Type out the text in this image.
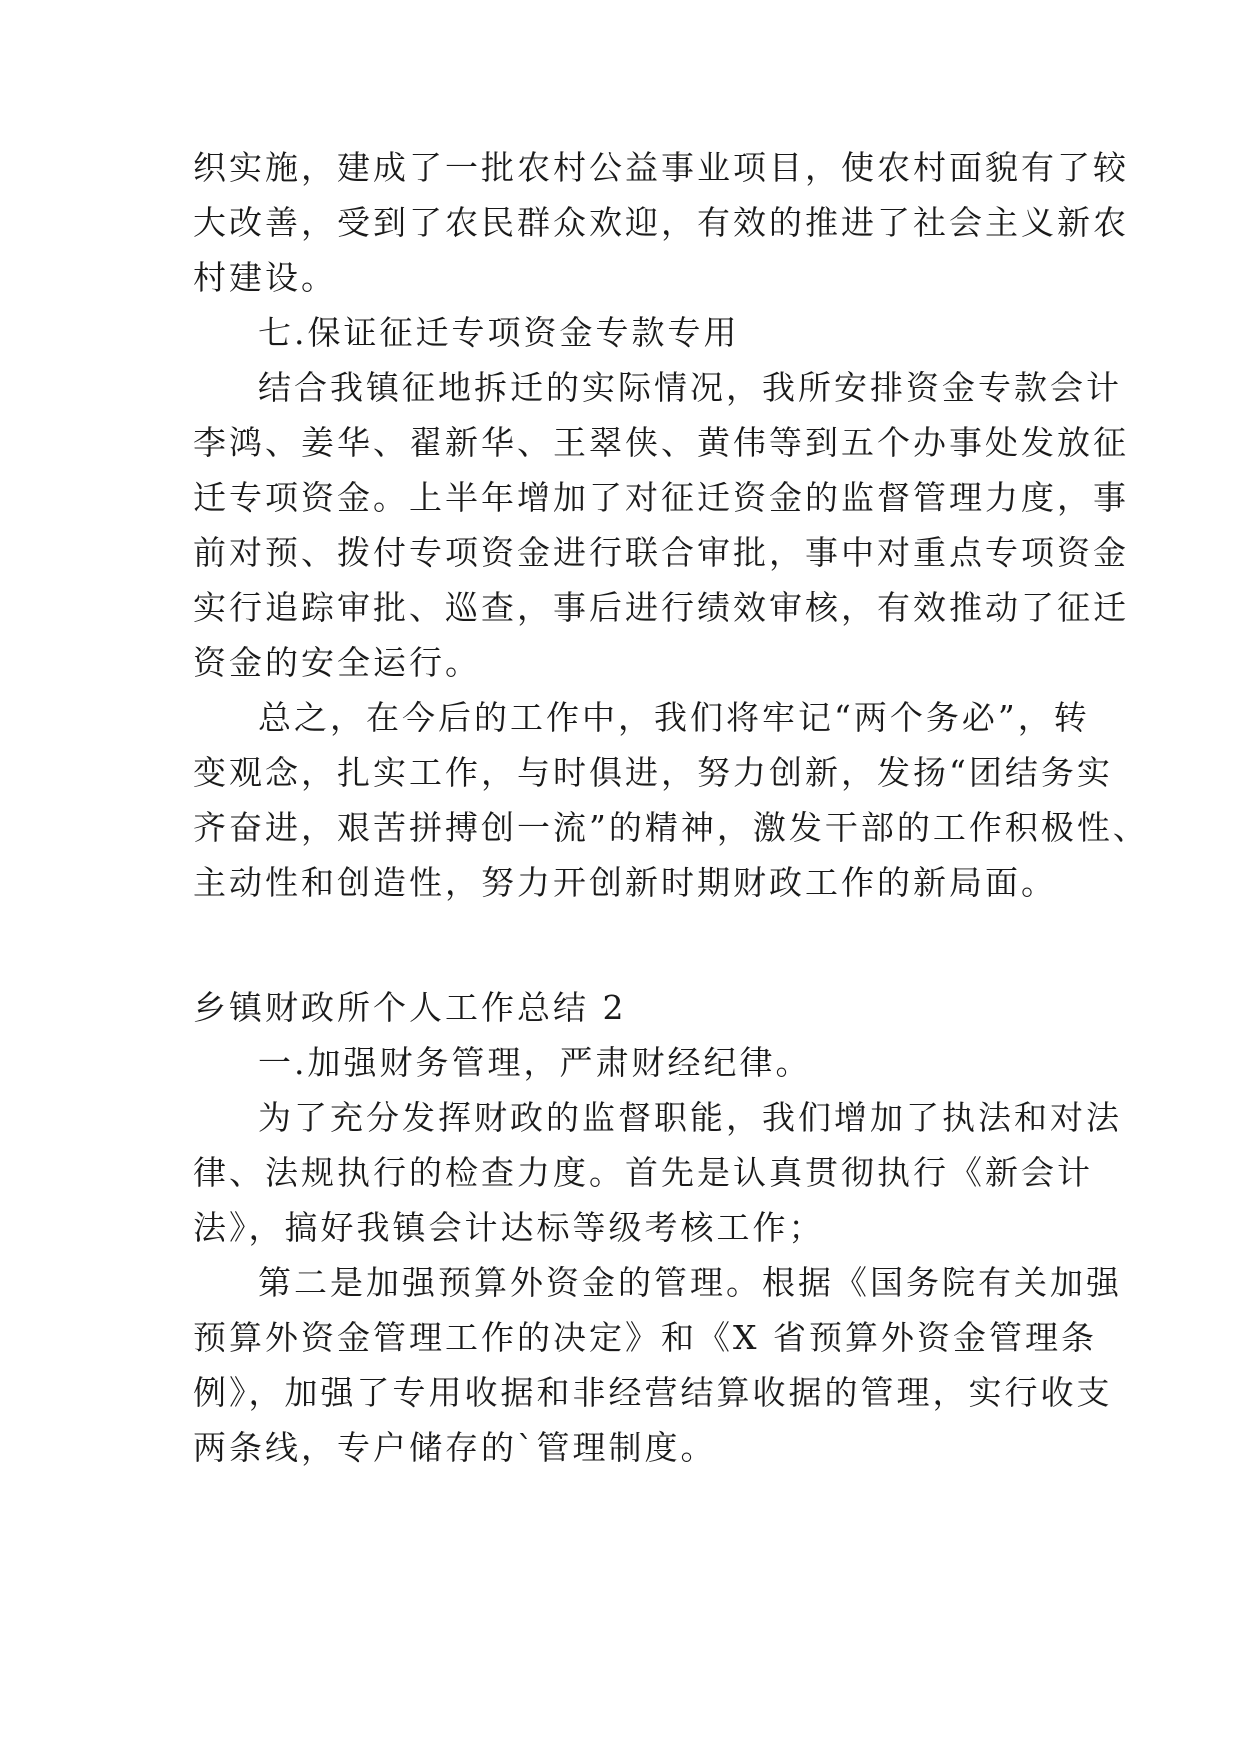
织实施，建成了一批农村公益事业项目，使农村面貌有了较
大改善，受到了农民群众欢迎，有效的推进了社会主义新农
村建设。
七.保证征迁专项资金专款专用
结合我镇征地拆迁的实际情况，我所安排资金专款会计
李鸿、姜华、翟新华、王翠侠、黄伟等到五个办事处发放征
迁专项资金。上半年增加了对征迁资金的监督管理力度，事
前对预、拨付专项资金进行联合审批，事中对重点专项资金
实行追踪审批、巡查，事后进行绩效审核，有效推动了征迁
资金的安全运行。
总之，在今后的工作中，我们将牢记“两个务必”，转
变观念，扎实工作，与时俱进，努力创新，发扬“团结务实
齐奋进，艰苦拼搏创一流”的精神，激发干部的工作积极性、
主动性和创造性，努力开创新时期财政工作的新局面。
乡镇财政所个人工作总结 2
一.加强财务管理，严肃财经纪律。
为了充分发挥财政的监督职能，我们增加了执法和对法
律、法规执行的检查力度。首先是认真贯彻执行《新会计
法》，搞好我镇会计达标等级考核工作；
第二是加强预算外资金的管理。根据《国务院有关加强
预算外资金管理工作的决定》和《X 省预算外资金管理条
例》，加强了专用收据和非经营结算收据的管理，实行收支
两条线，专户储存的`管理制度。
